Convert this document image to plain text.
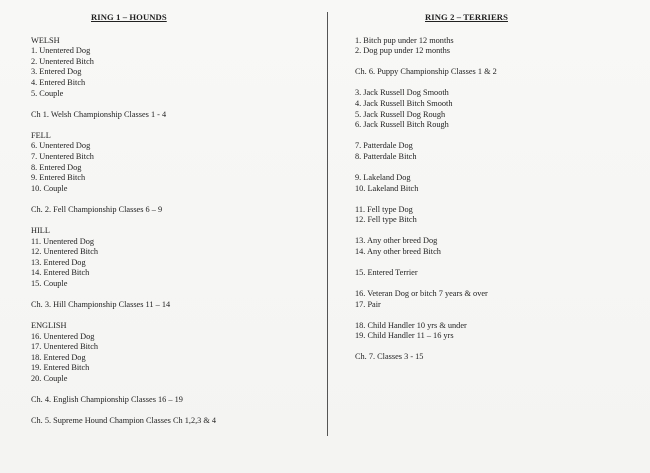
RING 1 – HOUNDS
WELSH
1. Unentered Dog
2. Unentered Bitch
3. Entered Dog
4. Entered Bitch
5. Couple
Ch 1. Welsh Championship Classes 1 - 4
FELL
6. Unentered Dog
7. Unentered Bitch
8. Entered Dog
9. Entered Bitch
10. Couple
Ch. 2. Fell Championship Classes 6 – 9
HILL
11. Unentered Dog
12. Unentered Bitch
13. Entered Dog
14. Entered Bitch
15. Couple
Ch. 3. Hill Championship Classes 11 – 14
ENGLISH
16. Unentered Dog
17. Unentered Bitch
18. Entered Dog
19. Entered Bitch
20. Couple
Ch. 4. English Championship Classes 16 – 19
Ch. 5. Supreme Hound Champion Classes Ch 1,2,3 & 4
RING 2 – TERRIERS
1. Bitch pup under 12 months
2. Dog pup under 12 months
Ch. 6. Puppy Championship Classes 1 & 2
3. Jack Russell Dog Smooth
4. Jack Russell Bitch Smooth
5. Jack Russell Dog Rough
6. Jack Russell Bitch Rough
7. Patterdale Dog
8. Patterdale Bitch
9. Lakeland Dog
10. Lakeland Bitch
11. Fell type Dog
12. Fell type Bitch
13. Any other breed Dog
14. Any other breed Bitch
15. Entered Terrier
16. Veteran Dog or bitch 7 years & over
17. Pair
18. Child Handler 10 yrs & under
19. Child Handler 11 – 16 yrs
Ch. 7. Classes 3 - 15
